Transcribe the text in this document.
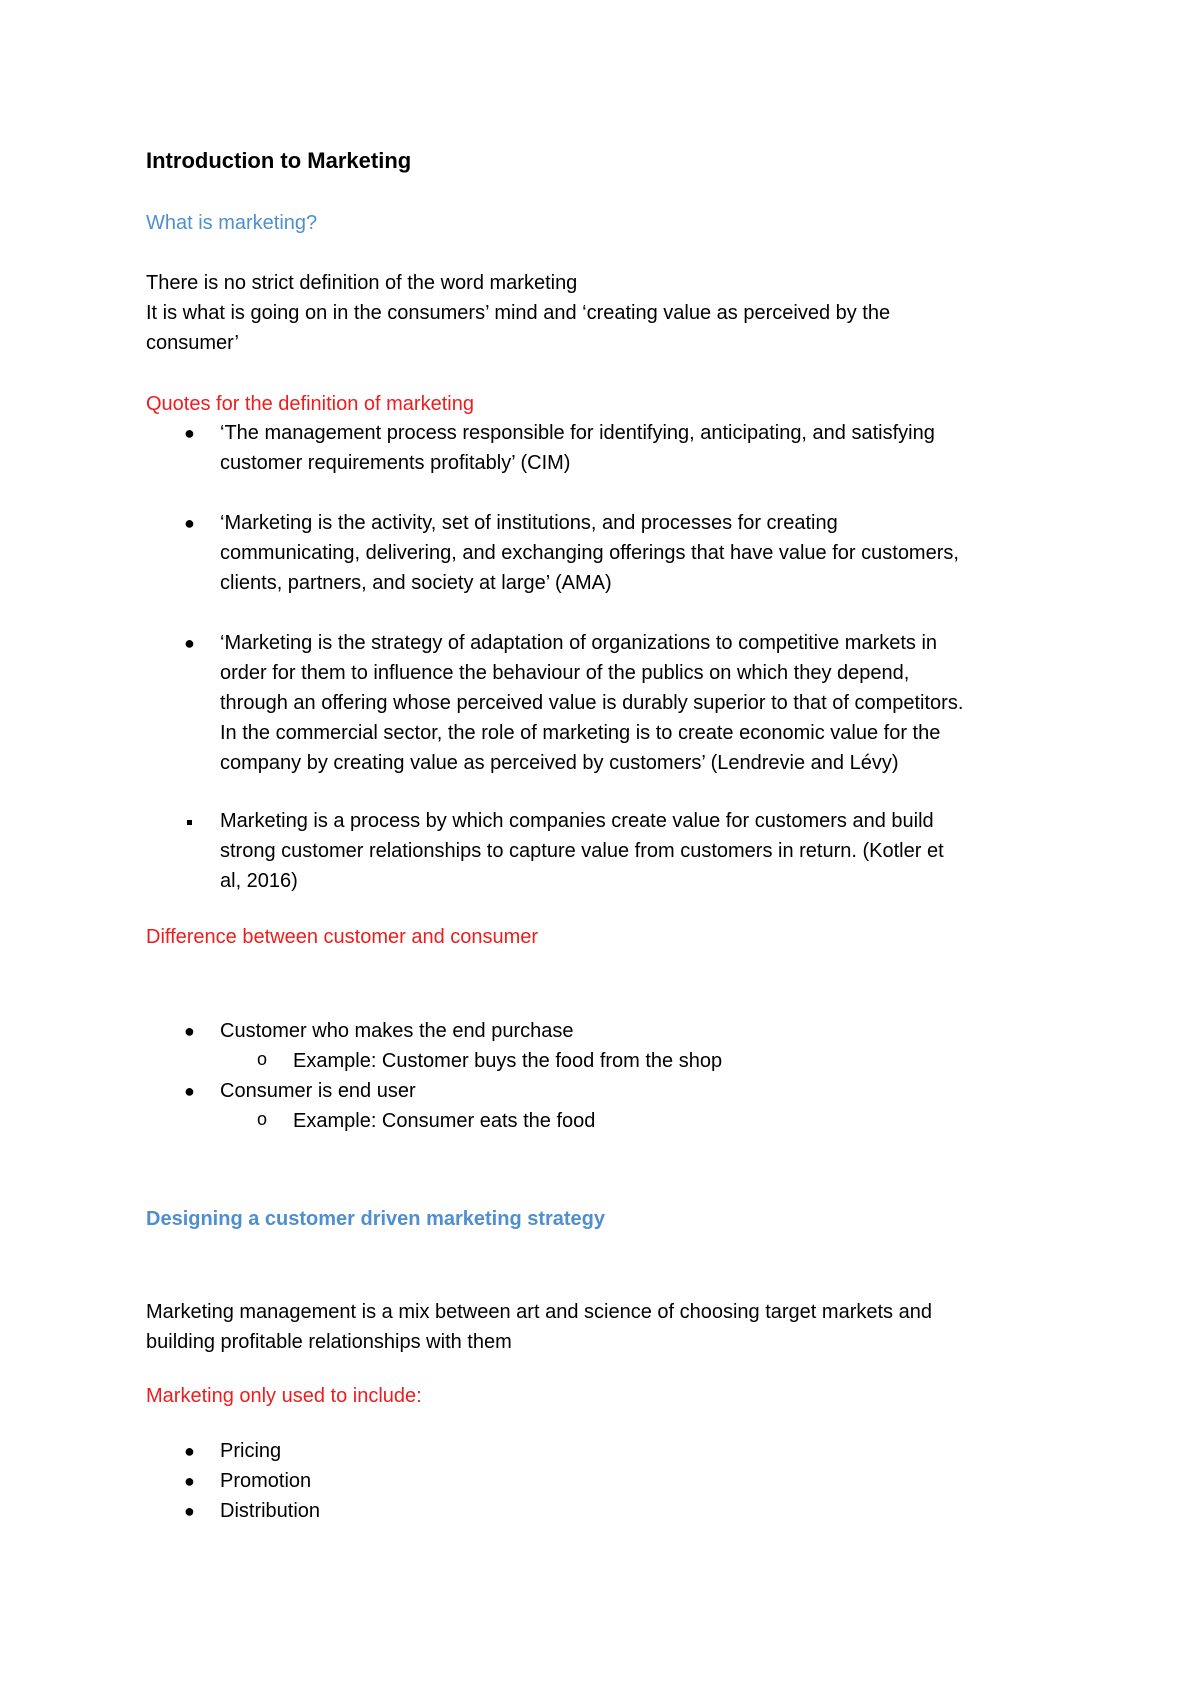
Introduction to Marketing

What is marketing?

There is no strict definition of the word marketing

It is what is going on in the consumers’ mind and ‘creating value as perceived by the

consumer’

Quotes for the definition of marketing

● ‘The management process responsible for identifying, anticipating, and satisfying

customer requirements profitably’ (CIM)

● ‘Marketing is the activity, set of institutions, and processes for creating

communicating, delivering, and exchanging offerings that have value for customers,

clients, partners, and society at large’ (AMA)

● ‘Marketing is the strategy of adaptation of organizations to competitive markets in

order for them to influence the behaviour of the publics on which they depend,

through an offering whose perceived value is durably superior to that of competitors.

In the commercial sector, the role of marketing is to create economic value for the

company by creating value as perceived by customers’ (Lendrevie and Lévy)

Marketing is a process by which companies create value for customers and build

strong customer relationships to capture value from customers in return. (Kotler et

al, 2016)

Difference between customer and consumer

● Customer who makes the end purchase

o Example: Customer buys the food from the shop

● Consumer is end user

o Example: Consumer eats the food

Designing a customer driven marketing strategy

Marketing management is a mix between art and science of choosing target markets and

building profitable relationships with them

Marketing only used to include:

● Pricing

● Promotion

● Distribution
